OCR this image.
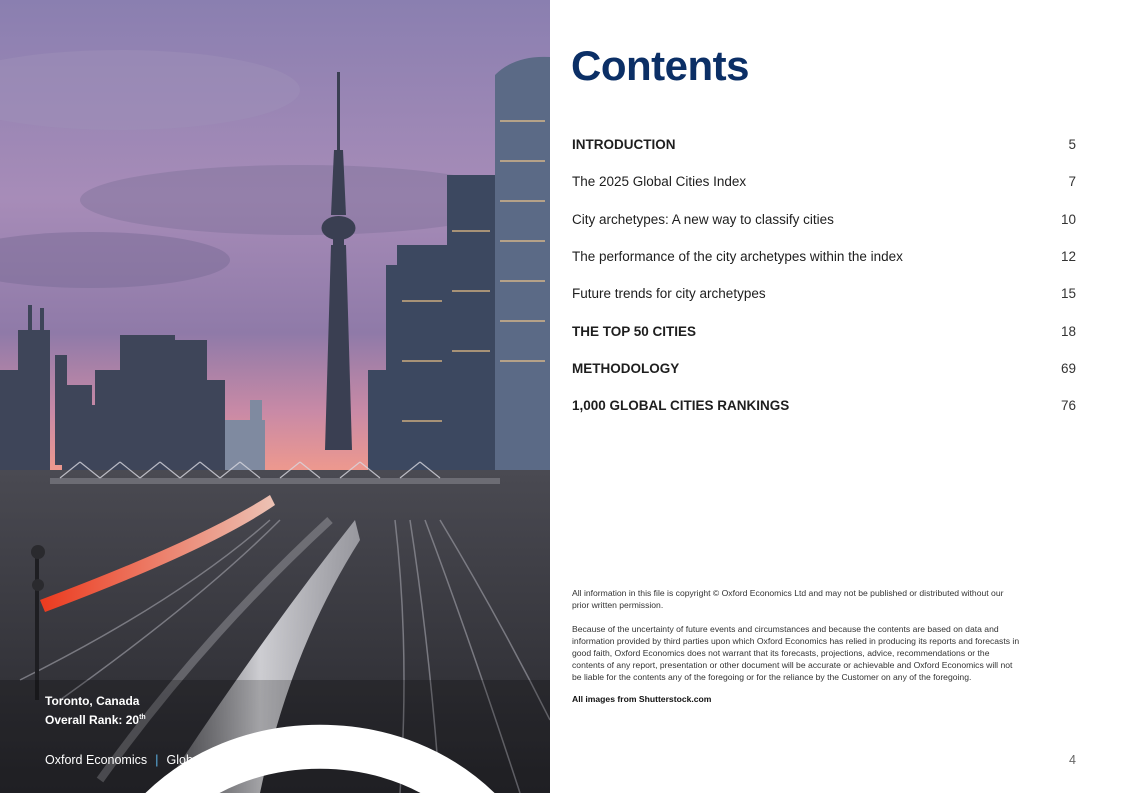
Toronto, Canada
Overall Rank: 20th
Oxford Economics | Global Cities Index 2025
Contents
INTRODUCTION	5
The 2025 Global Cities Index	7
City archetypes: A new way to classify cities	10
The performance of the city archetypes within the index	12
Future trends for city archetypes	15
THE TOP 50 CITIES	18
METHODOLOGY	69
1,000 GLOBAL CITIES RANKINGS	76

All information in this file is copyright © Oxford Economics Ltd and may not be published or distributed without our prior written permission.

Because of the uncertainty of future events and circumstances and because the contents are based on data and information provided by third parties upon which Oxford Economics has relied in producing its reports and forecasts in good faith, Oxford Economics does not warrant that its forecasts, projections, advice, recommendations or the contents of any report, presentation or other document will be accurate or achievable and Oxford Economics will not be liable for the contents any of the foregoing or for the reliance by the Customer on any of the foregoing.

All images from Shutterstock.com

4
